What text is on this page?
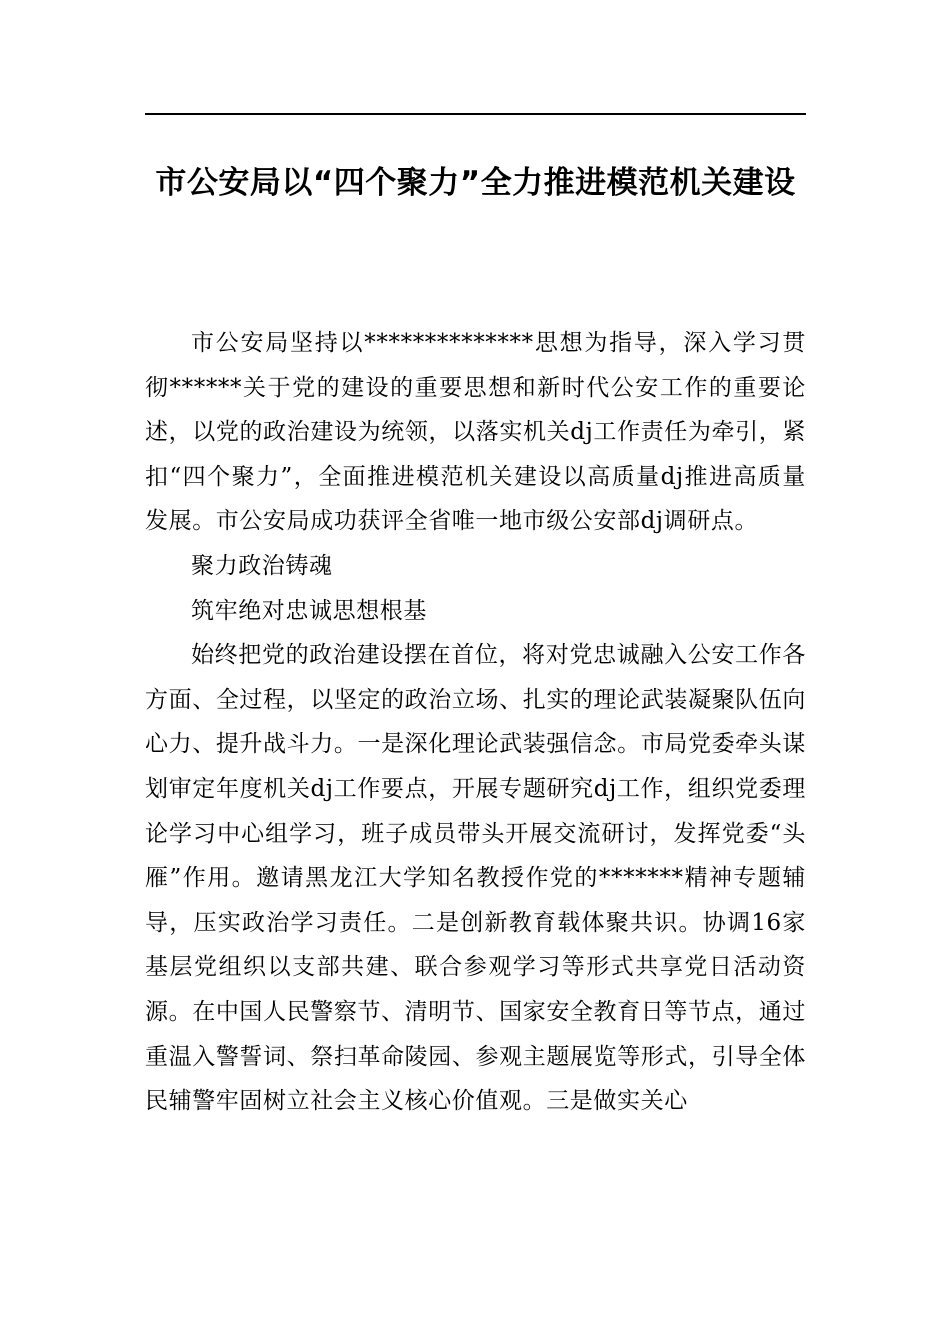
市公安局以“四个聚力”全力推进模范机关建设

市公安局坚持以**************思想为指导，深入学习贯彻******关于党的建设的重要思想和新时代公安工作的重要论述，以党的政治建设为统领，以落实机关dj工作责任为牵引，紧扣“四个聚力”，全面推进模范机关建设以高质量dj推进高质量发展。市公安局成功获评全省唯一地市级公安部dj调研点。

聚力政治铸魂

筑牢绝对忠诚思想根基

始终把党的政治建设摆在首位，将对党忠诚融入公安工作各方面、全过程，以坚定的政治立场、扎实的理论武装凝聚队伍向心力、提升战斗力。一是深化理论武装强信念。市局党委牵头谋划审定年度机关dj工作要点，开展专题研究dj工作，组织党委理论学习中心组学习，班子成员带头开展交流研讨，发挥党委“头雁”作用。邀请黑龙江大学知名教授作党的*******精神专题辅导，压实政治学习责任。二是创新教育载体聚共识。协调16家基层党组织以支部共建、联合参观学习等形式共享党日活动资源。在中国人民警察节、清明节、国家安全教育日等节点，通过重温入警誓词、祭扫革命陵园、参观主题展览等形式，引导全体民辅警牢固树立社会主义核心价值观。三是做实关心
